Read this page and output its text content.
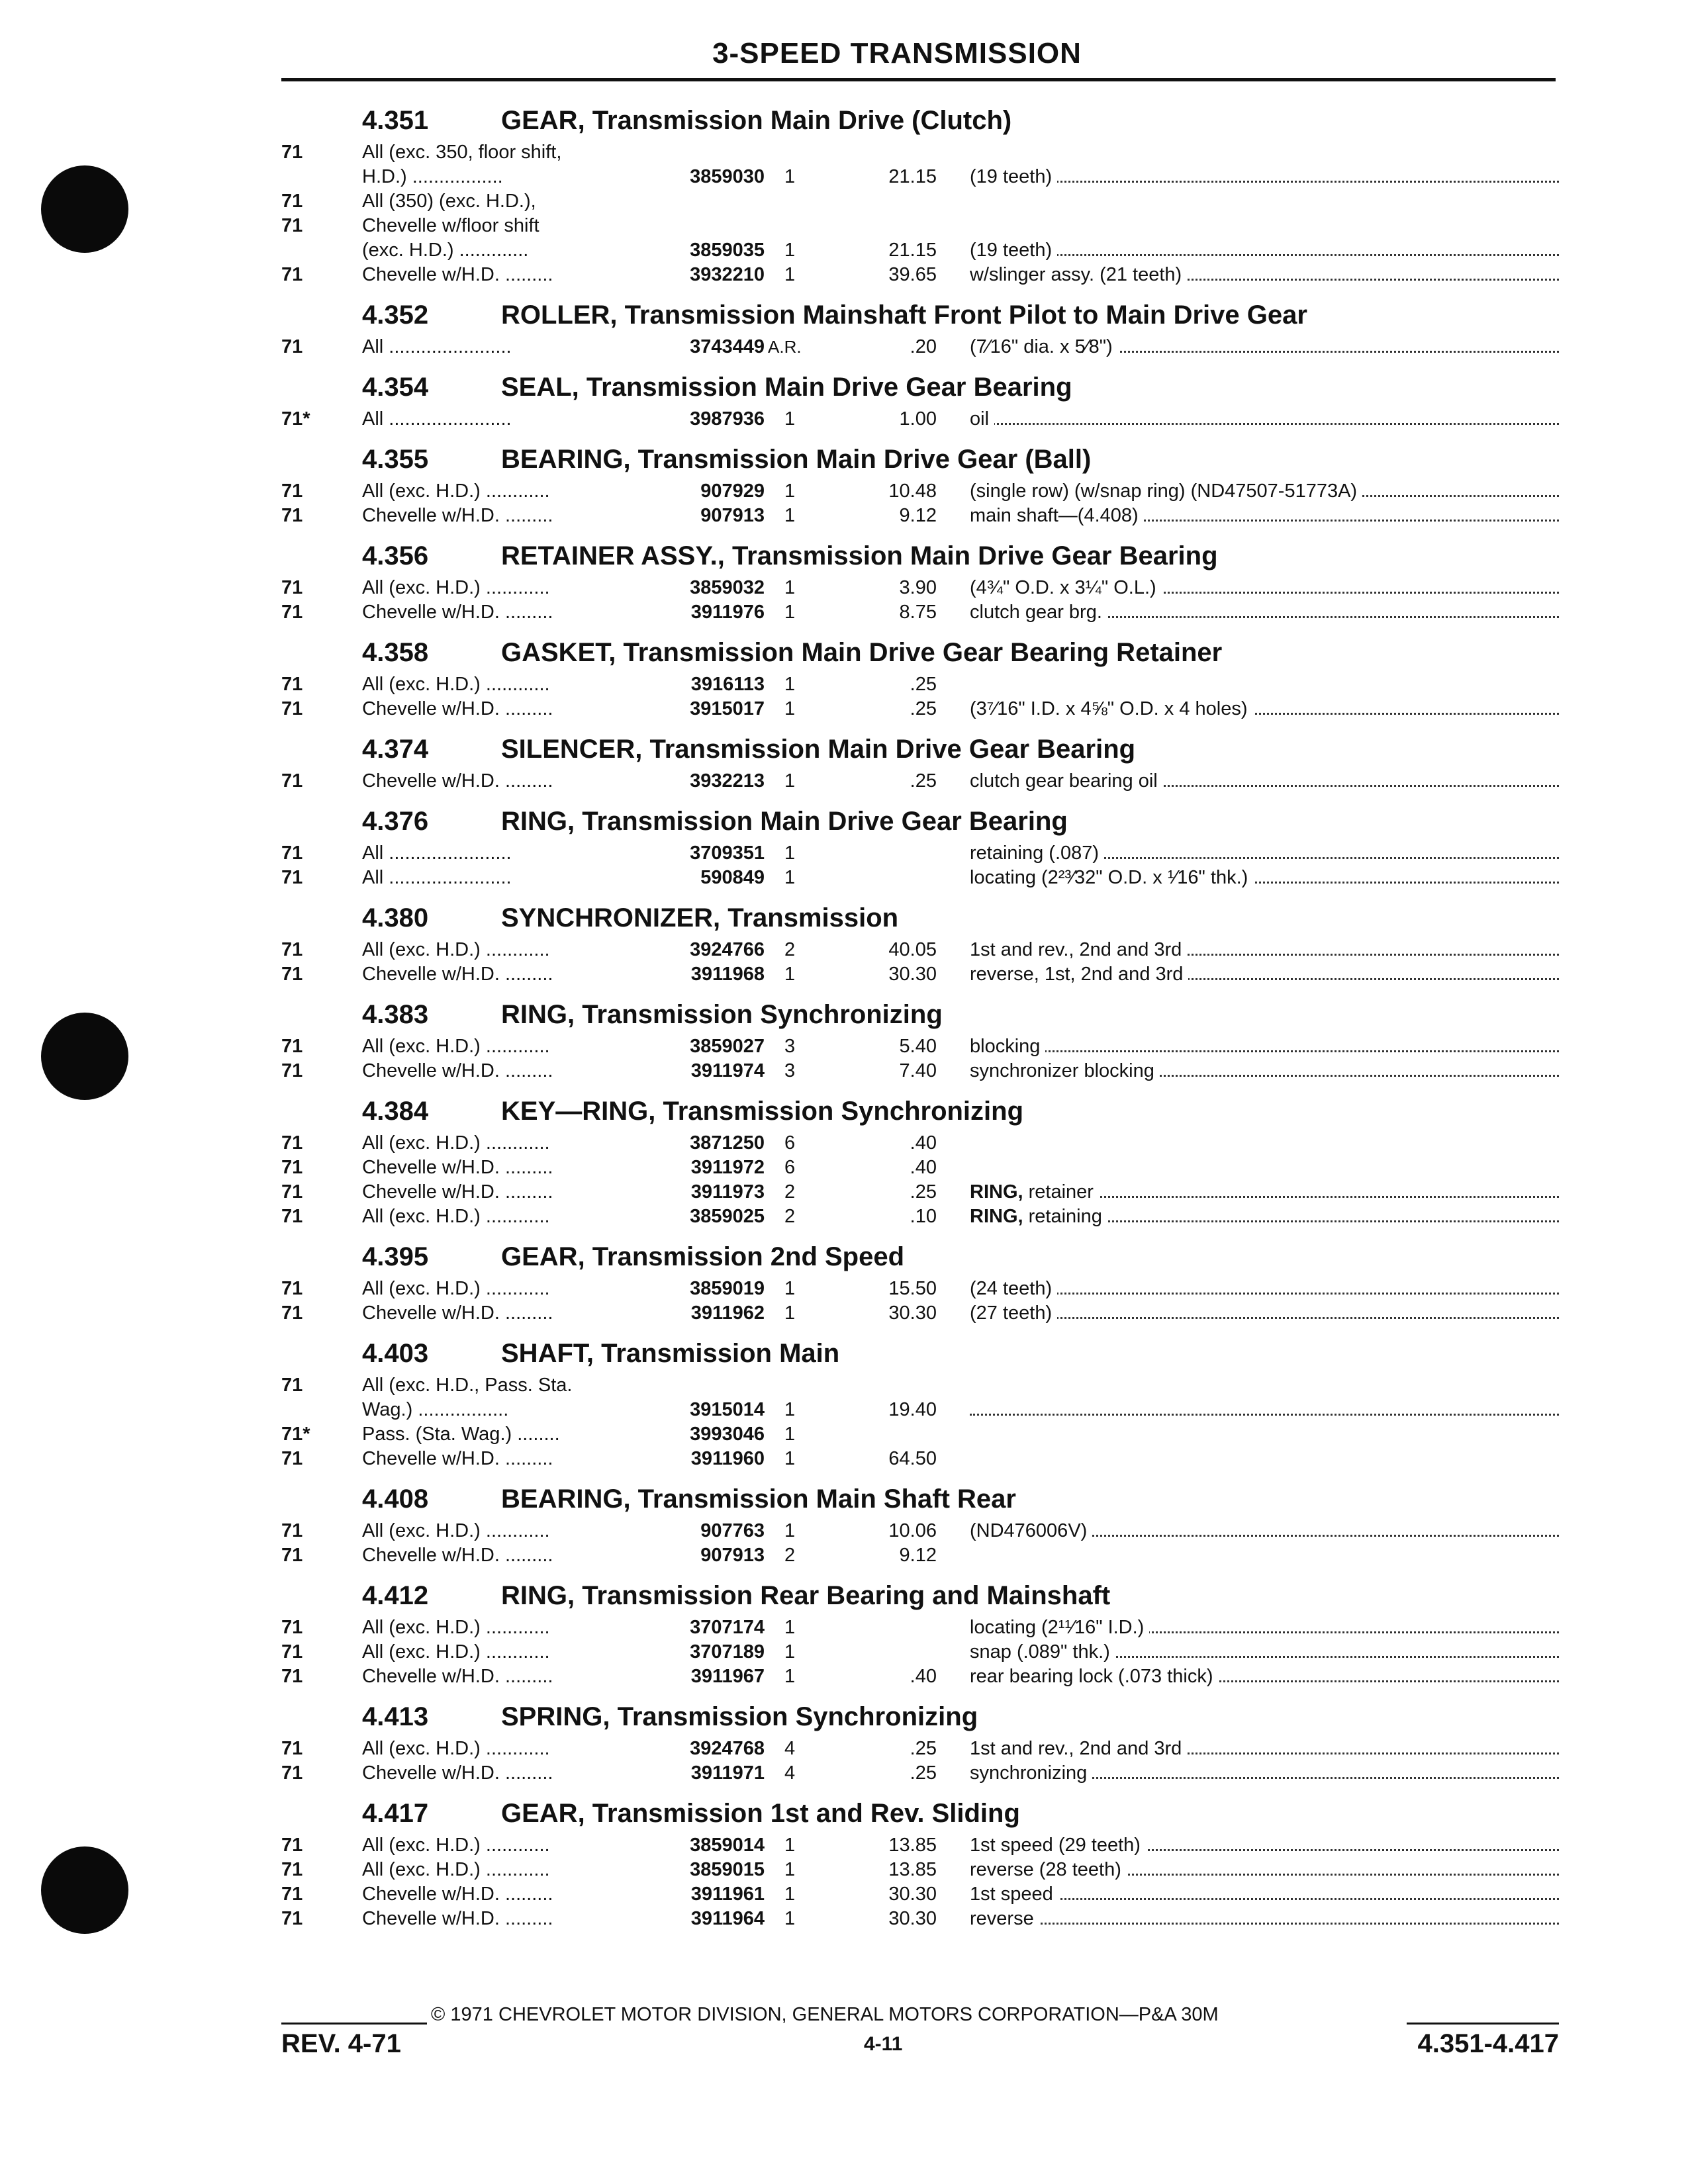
3-SPEED TRANSMISSION
4.351	GEAR, Transmission Main Drive (Clutch)
71	All (exc. 350, floor shift,
H.D.) .................	3859030 1	21.15 (19 teeth)
71	All (350) (exc. H.D.),
71	Chevelle w/floor shift
(exc. H.D.) .............	3859035 1	21.15 (19 teeth)
71	Chevelle w/H.D. .........	3932210 1	39.65 w/slinger assy. (21 teeth)
4.352	ROLLER, Transmission Mainshaft Front Pilot to Main Drive Gear
71	All .......................	3743449 A.R.	.20 (7⁄16" dia. x 5⁄8")
4.354	SEAL, Transmission Main Drive Gear Bearing
71*	All .......................	3987936 1	1.00 oil
4.355	BEARING, Transmission Main Drive Gear (Ball)
71	All (exc. H.D.) ............	907929 1	10.48 (single row) (w/snap ring) (ND47507-51773A)
71	Chevelle w/H.D. .........	907913 1	9.12 main shaft—(4.408)
4.356	RETAINER ASSY., Transmission Main Drive Gear Bearing
71	All (exc. H.D.) ............	3859032 1	3.90 (4¾" O.D. x 3¼" O.L.)
71	Chevelle w/H.D. .........	3911976 1	8.75 clutch gear brg.
4.358	GASKET, Transmission Main Drive Gear Bearing Retainer
71	All (exc. H.D.) ............	3916113 1	.25
71	Chevelle w/H.D. .........	3915017 1	.25 (3⁷⁄16" I.D. x 4⅝" O.D. x 4 holes)
4.374	SILENCER, Transmission Main Drive Gear Bearing
71	Chevelle w/H.D. .........	3932213 1	.25 clutch gear bearing oil
4.376	RING, Transmission Main Drive Gear Bearing
71	All .......................	3709351 1	retaining (.087)
71	All .......................	590849 1	locating (2²³⁄32" O.D. x ¹⁄16" thk.)
4.380	SYNCHRONIZER, Transmission
71	All (exc. H.D.) ............	3924766 2	40.05 1st and rev., 2nd and 3rd
71	Chevelle w/H.D. .........	3911968 1	30.30 reverse, 1st, 2nd and 3rd
4.383	RING, Transmission Synchronizing
71	All (exc. H.D.) ............	3859027 3	5.40 blocking
71	Chevelle w/H.D. .........	3911974 3	7.40 synchronizer blocking
4.384	KEY—RING, Transmission Synchronizing
71	All (exc. H.D.) ............	3871250 6	.40
71	Chevelle w/H.D. .........	3911972 6	.40
71	Chevelle w/H.D. .........	3911973 2	.25 RING, retainer
71	All (exc. H.D.) ............	3859025 2	.10 RING, retaining
4.395	GEAR, Transmission 2nd Speed
71	All (exc. H.D.) ............	3859019 1	15.50 (24 teeth)
71	Chevelle w/H.D. .........	3911962 1	30.30 (27 teeth)
4.403	SHAFT, Transmission Main
71	All (exc. H.D., Pass. Sta.
Wag.) .................	3915014 1	19.40
71*	Pass. (Sta. Wag.) ........	3993046 1
71	Chevelle w/H.D. .........	3911960 1	64.50
4.408	BEARING, Transmission Main Shaft Rear
71	All (exc. H.D.) ............	907763 1	10.06 (ND476006V)
71	Chevelle w/H.D. .........	907913 2	9.12
4.412	RING, Transmission Rear Bearing and Mainshaft
71	All (exc. H.D.) ............	3707174 1	locating (2¹¹⁄16" I.D.)
71	All (exc. H.D.) ............	3707189 1	snap (.089" thk.)
71	Chevelle w/H.D. .........	3911967 1	.40 rear bearing lock (.073 thick)
4.413	SPRING, Transmission Synchronizing
71	All (exc. H.D.) ............	3924768 4	.25 1st and rev., 2nd and 3rd
71	Chevelle w/H.D. .........	3911971 4	.25 synchronizing
4.417	GEAR, Transmission 1st and Rev. Sliding
71	All (exc. H.D.) ............	3859014 1	13.85 1st speed (29 teeth)
71	All (exc. H.D.) ............	3859015 1	13.85 reverse (28 teeth)
71	Chevelle w/H.D. .........	3911961 1	30.30 1st speed
71	Chevelle w/H.D. .........	3911964 1	30.30 reverse
© 1971 CHEVROLET MOTOR DIVISION, GENERAL MOTORS CORPORATION—P&A 30M
REV. 4-71	4-11	4.351-4.417
